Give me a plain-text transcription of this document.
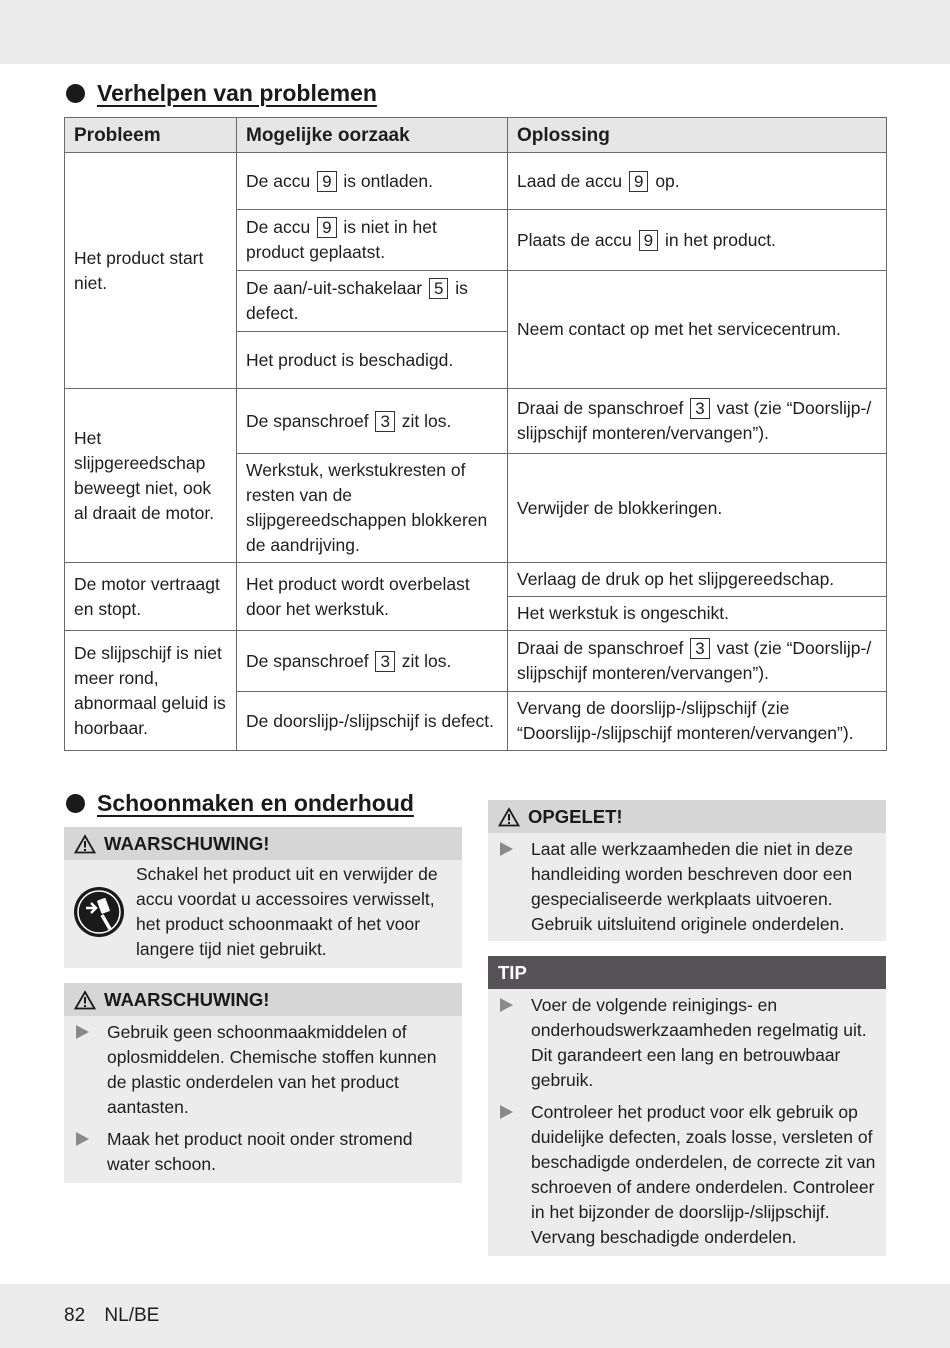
Verhelpen van problemen
Probleem	Mogelijke oorzaak	Oplossing
Het product start niet.	De accu 9 is ontladen.	Laad de accu 9 op.
	De accu 9 is niet in het product geplaatst.	Plaats de accu 9 in het product.
	De aan/-uit-schakelaar 5 is defect.	Neem contact op met het servicecentrum.
	Het product is beschadigd.	
Het slijpgereedschap beweegt niet, ook al draait de motor.	De spanschroef 3 zit los.	Draai de spanschroef 3 vast (zie “Doorslijp-/ slijpschijf monteren/vervangen”).
	Werkstuk, werkstukresten of resten van de slijpgereedschappen blokkeren de aandrijving.	Verwijder de blokkeringen.
De motor vertraagt en stopt.	Het product wordt overbelast door het werkstuk.	Verlaag de druk op het slijpgereedschap.
		Het werkstuk is ongeschikt.
De slijpschijf is niet meer rond, abnormaal geluid is hoorbaar.	De spanschroef 3 zit los.	Draai de spanschroef 3 vast (zie “Doorslijp-/ slijpschijf monteren/vervangen”).
	De doorslijp-/slijpschijf is defect.	Vervang de doorslijp-/slijpschijf (zie “Doorslijp-/slijpschijf monteren/vervangen”).
Schoonmaken en onderhoud
WAARSCHUWING!
Schakel het product uit en verwijder de accu voordat u accessoires verwisselt, het product schoonmaakt of het voor langere tijd niet gebruikt.
WAARSCHUWING!
Gebruik geen schoonmaakmiddelen of oplosmiddelen. Chemische stoffen kunnen de plastic onderdelen van het product aantasten.
Maak het product nooit onder stromend water schoon.
OPGELET!
Laat alle werkzaamheden die niet in deze handleiding worden beschreven door een gespecialiseerde werkplaats uitvoeren. Gebruik uitsluitend originele onderdelen.
TIP
Voer de volgende reinigings- en onderhoudswerkzaamheden regelmatig uit. Dit garandeert een lang en betrouwbaar gebruik.
Controleer het product voor elk gebruik op duidelijke defecten, zoals losse, versleten of beschadigde onderdelen, de correcte zit van schroeven of andere onderdelen. Controleer in het bijzonder de doorslijp-/slijpschijf. Vervang beschadigde onderdelen.
82 NL/BE
